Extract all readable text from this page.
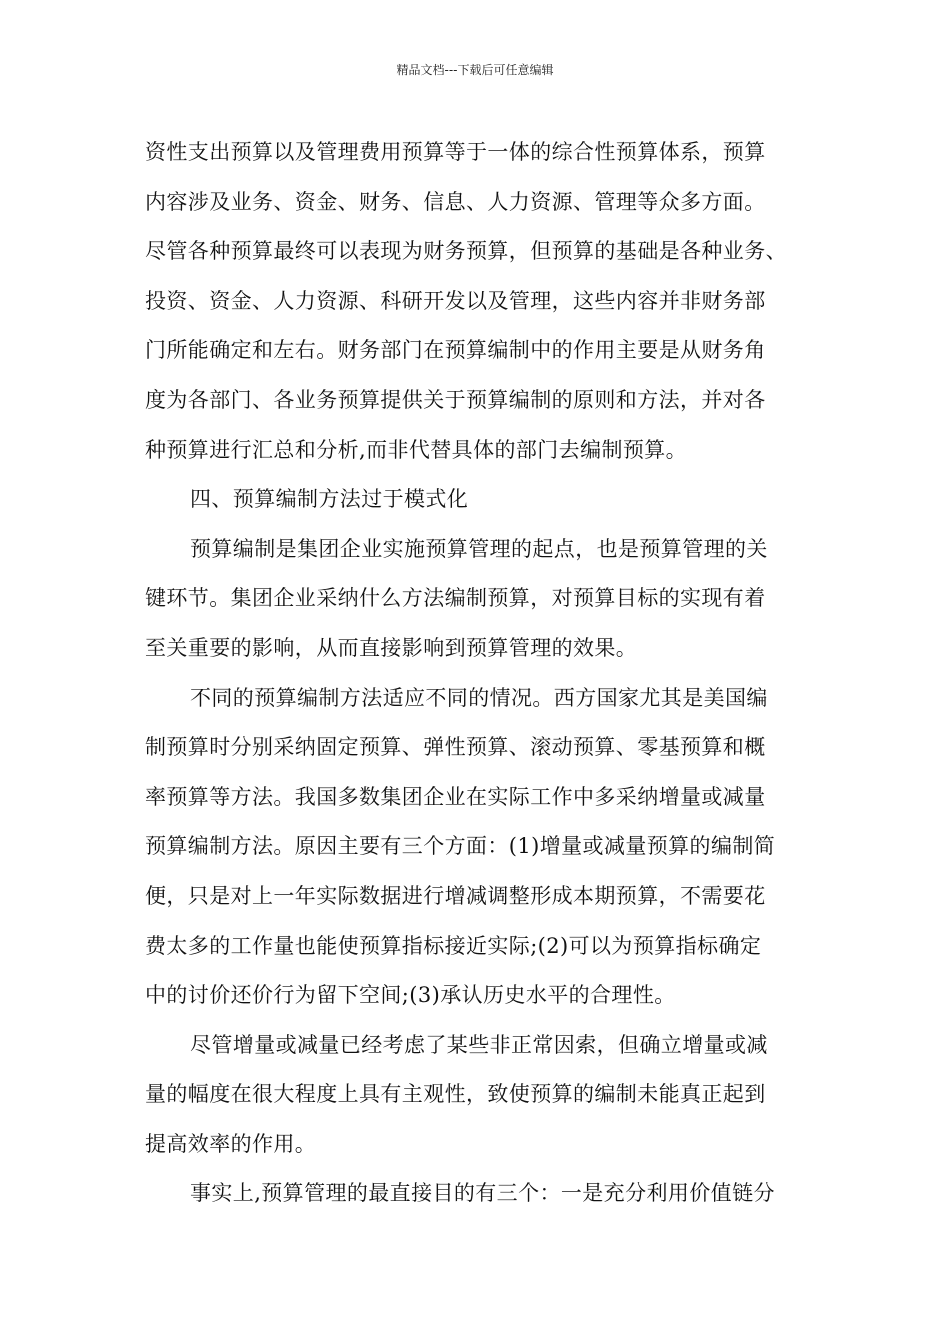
精品文档---下载后可任意编辑
资性支出预算以及管理费用预算等于一体的综合性预算体系，预算
内容涉及业务、资金、财务、信息、人力资源、管理等众多方面。
尽管各种预算最终可以表现为财务预算，但预算的基础是各种业务、
投资、资金、人力资源、科研开发以及管理，这些内容并非财务部
门所能确定和左右。财务部门在预算编制中的作用主要是从财务角
度为各部门、各业务预算提供关于预算编制的原则和方法，并对各
种预算进行汇总和分析,而非代替具体的部门去编制预算。
四、预算编制方法过于模式化
预算编制是集团企业实施预算管理的起点，也是预算管理的关
键环节。集团企业采纳什么方法编制预算，对预算目标的实现有着
至关重要的影响，从而直接影响到预算管理的效果。
不同的预算编制方法适应不同的情况。西方国家尤其是美国编
制预算时分别采纳固定预算、弹性预算、滚动预算、零基预算和概
率预算等方法。我国多数集团企业在实际工作中多采纳增量或减量
预算编制方法。原因主要有三个方面：(1)增量或减量预算的编制简
便，只是对上一年实际数据进行增减调整形成本期预算，不需要花
费太多的工作量也能使预算指标接近实际;(2)可以为预算指标确定
中的讨价还价行为留下空间;(3)承认历史水平的合理性。
尽管增量或减量已经考虑了某些非正常因索，但确立增量或减
量的幅度在很大程度上具有主观性，致使预算的编制未能真正起到
提高效率的作用。
事实上,预算管理的最直接目的有三个：一是充分利用价值链分
